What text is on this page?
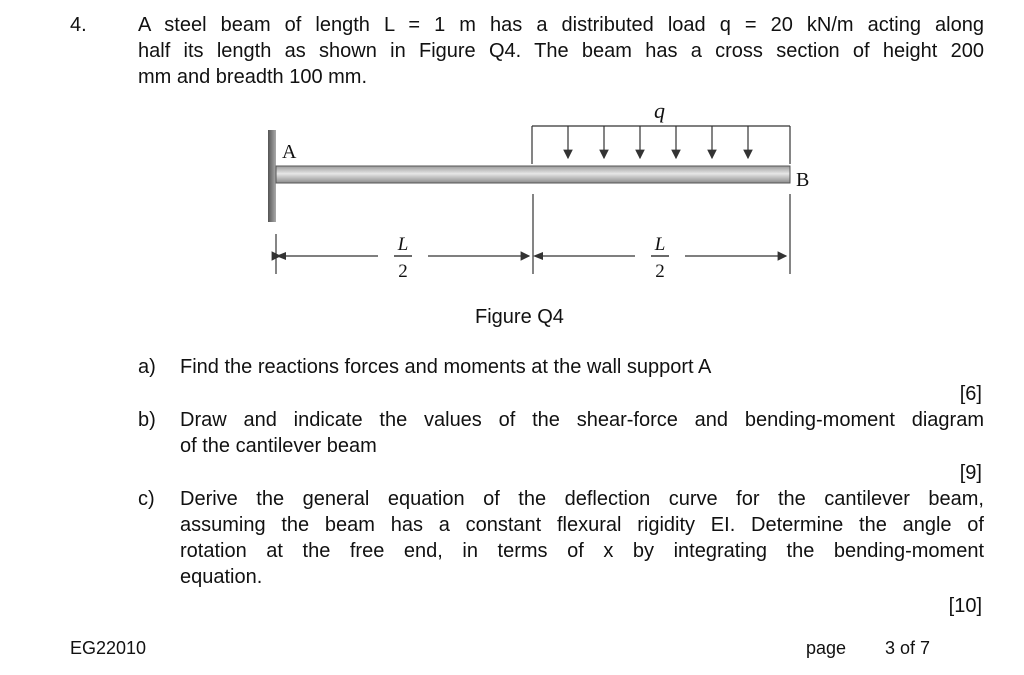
4.	A steel beam of length L = 1 m has a distributed load q = 20 kN/m acting along
half its length as shown in Figure Q4. The beam has a cross section of height 200
mm and breadth 100 mm.
A
B
q
L
2
L
2
Figure Q4
a) Find the reactions forces and moments at the wall support A
[6]
b) Draw and indicate the values of the shear-force and bending-moment diagram
of the cantilever beam
[9]
c) Derive the general equation of the deflection curve for the cantilever beam,
assuming the beam has a constant flexural rigidity EI. Determine the angle of
rotation at the free end, in terms of x by integrating the bending-moment
equation.
[10]
EG22010	page 3 of 7
